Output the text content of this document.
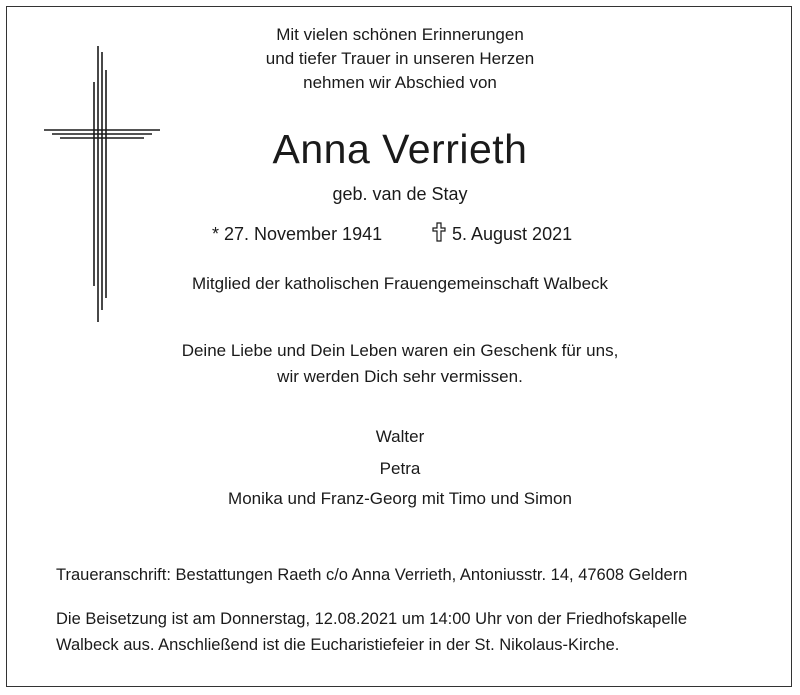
Mit vielen schönen Erinnerungen
und tiefer Trauer in unseren Herzen
nehmen wir Abschied von
Anna Verrieth
geb. van de Stay
* 27. November 1941	5. August 2021
Mitglied der katholischen Frauengemeinschaft Walbeck
Deine Liebe und Dein Leben waren ein Geschenk für uns,
wir werden Dich sehr vermissen.
Walter
Petra
Monika und Franz-Georg mit Timo und Simon
Traueranschrift: Bestattungen Raeth c/o Anna Verrieth, Antoniusstr. 14, 47608 Geldern
Die Beisetzung ist am Donnerstag, 12.08.2021 um 14:00 Uhr von der Friedhofskapelle
Walbeck aus. Anschließend ist die Eucharistiefeier in der St. Nikolaus-Kirche.
